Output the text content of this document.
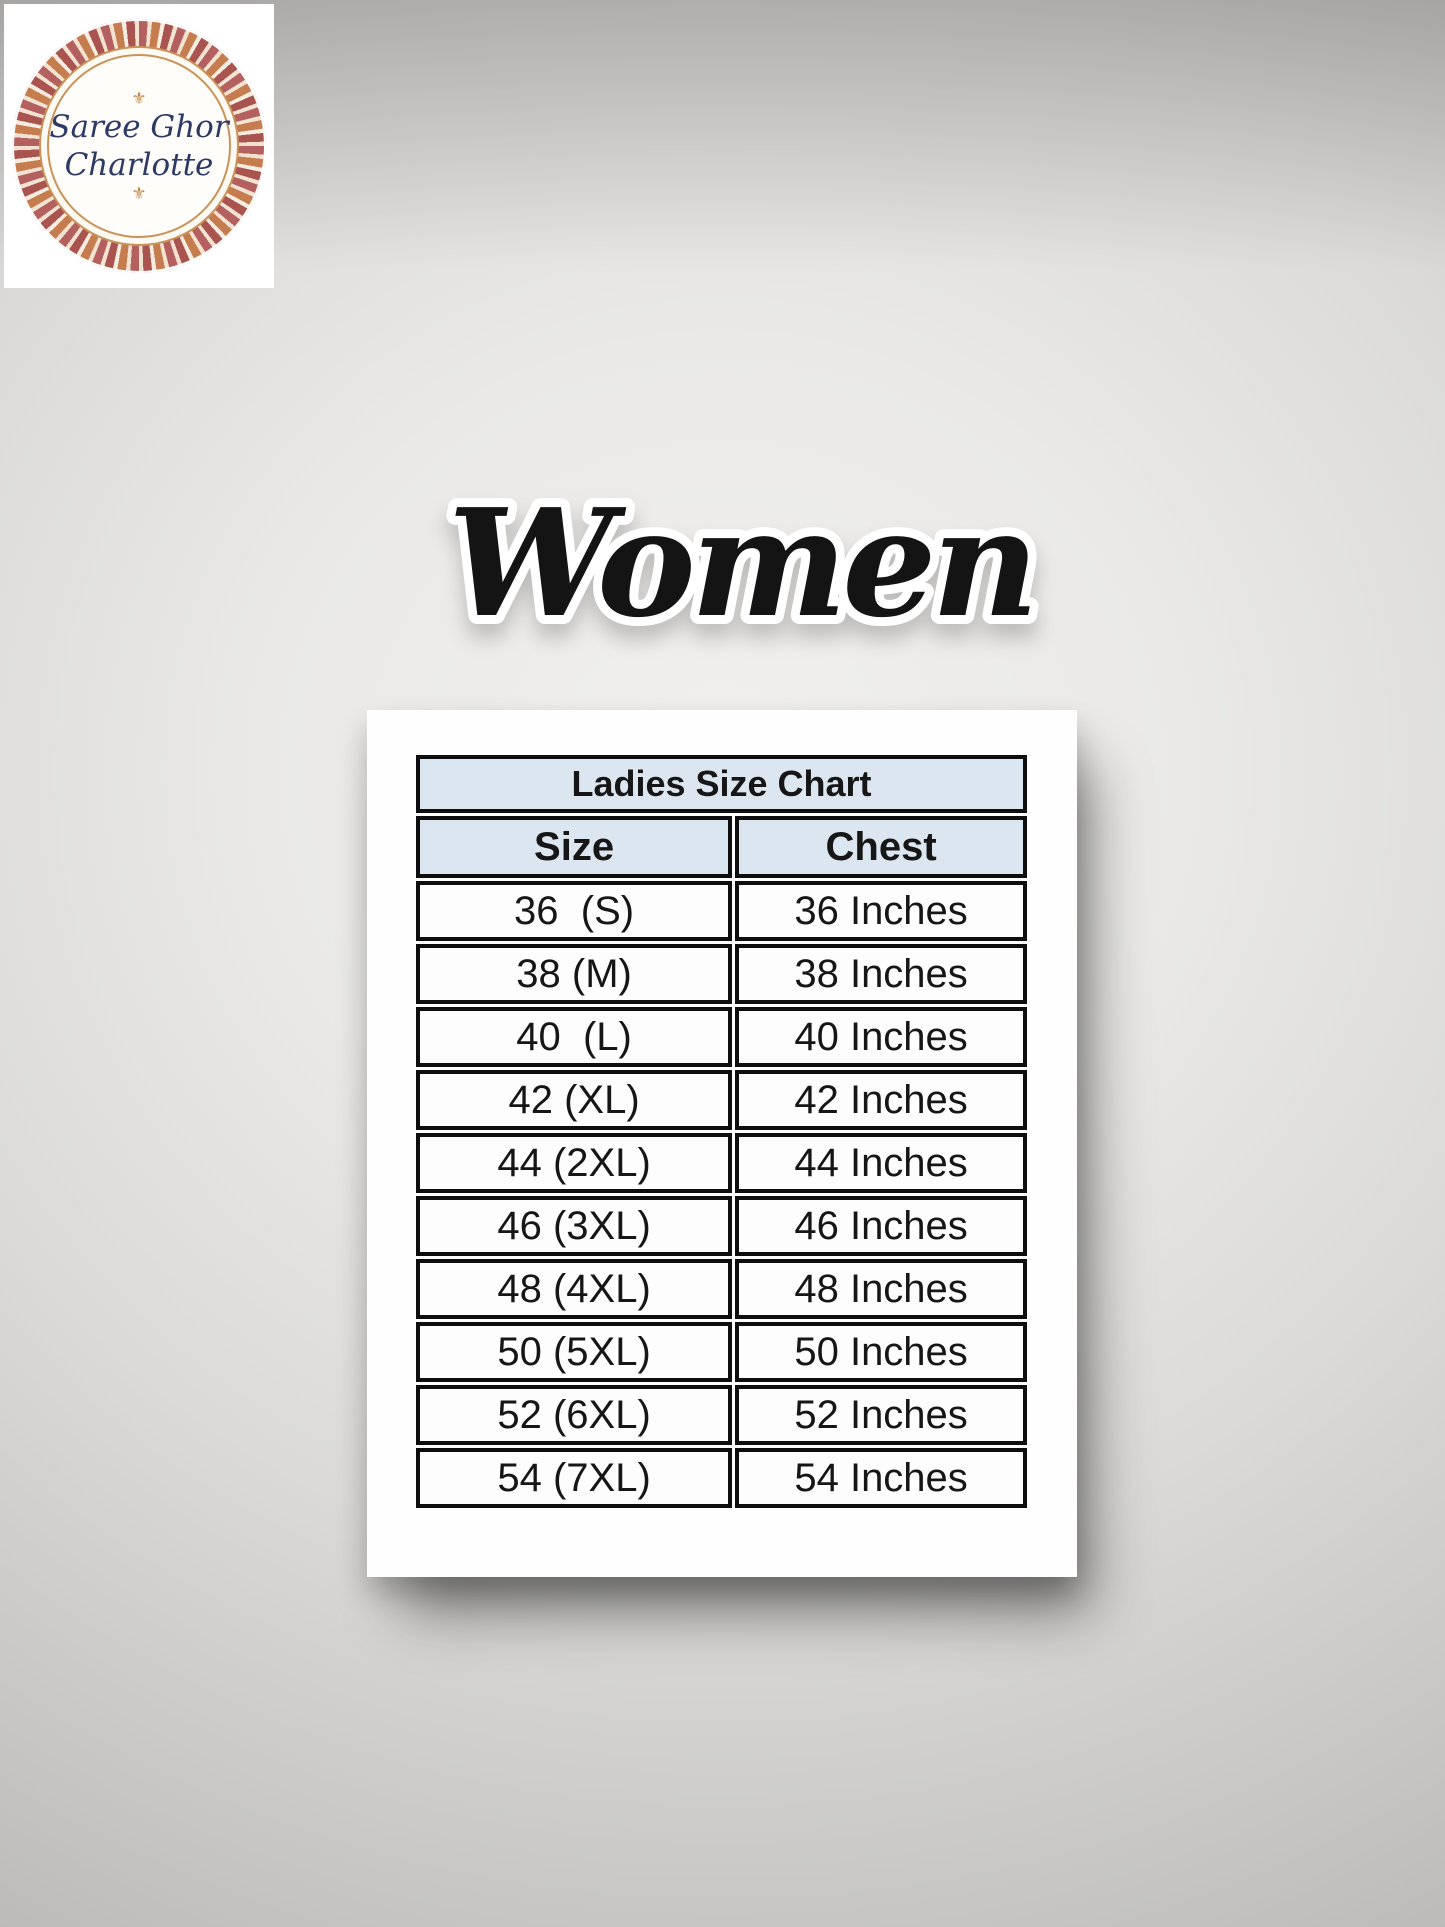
⚜
Saree Ghor
Charlotte
⚜
Women
Ladies Size Chart	
Size	Chest
36  (S)	36 Inches
38 (M)	38 Inches
40  (L)	40 Inches
42 (XL)	42 Inches
44 (2XL)	44 Inches
46 (3XL)	46 Inches
48 (4XL)	48 Inches
50 (5XL)	50 Inches
52 (6XL)	52 Inches
54 (7XL)	54 Inches
